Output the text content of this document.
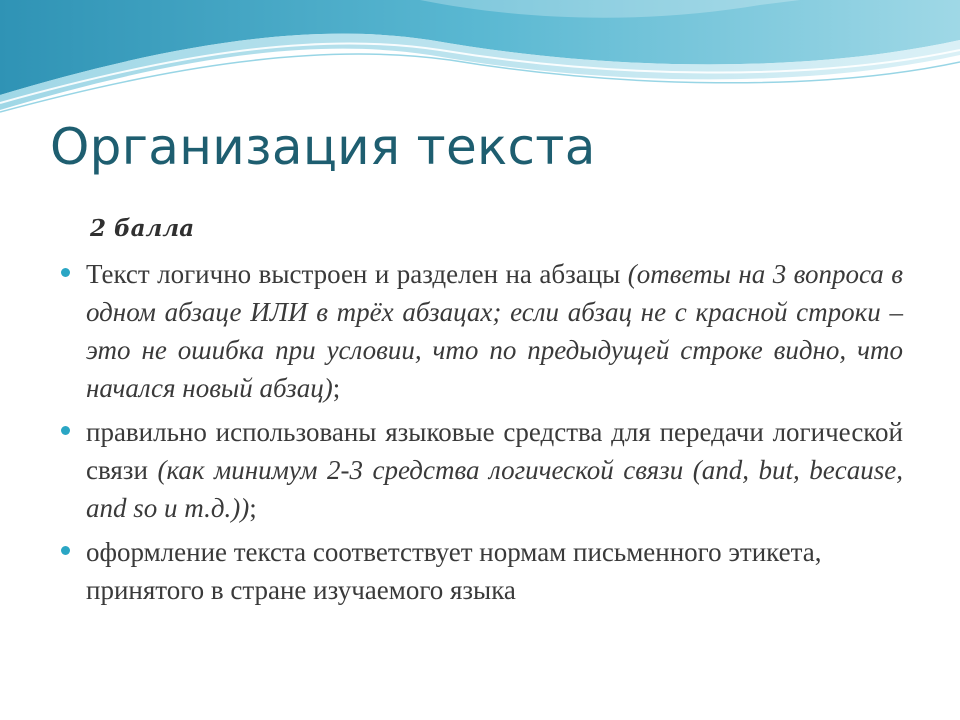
Организация текста
2 балла
Текст логично выстроен и разделен на абзацы (ответы на 3 вопроса в одном абзаце ИЛИ в трёх абзацах; если абзац не с красной строки – это не ошибка при условии, что по предыдущей строке видно, что начался новый абзац);
правильно использованы языковые средства для передачи логической связи (как минимум 2-3 средства логической связи (and, but, because, and so и т.д.));
оформление текста соответствует нормам письменного этикета, принятого в стране изучаемого языка
